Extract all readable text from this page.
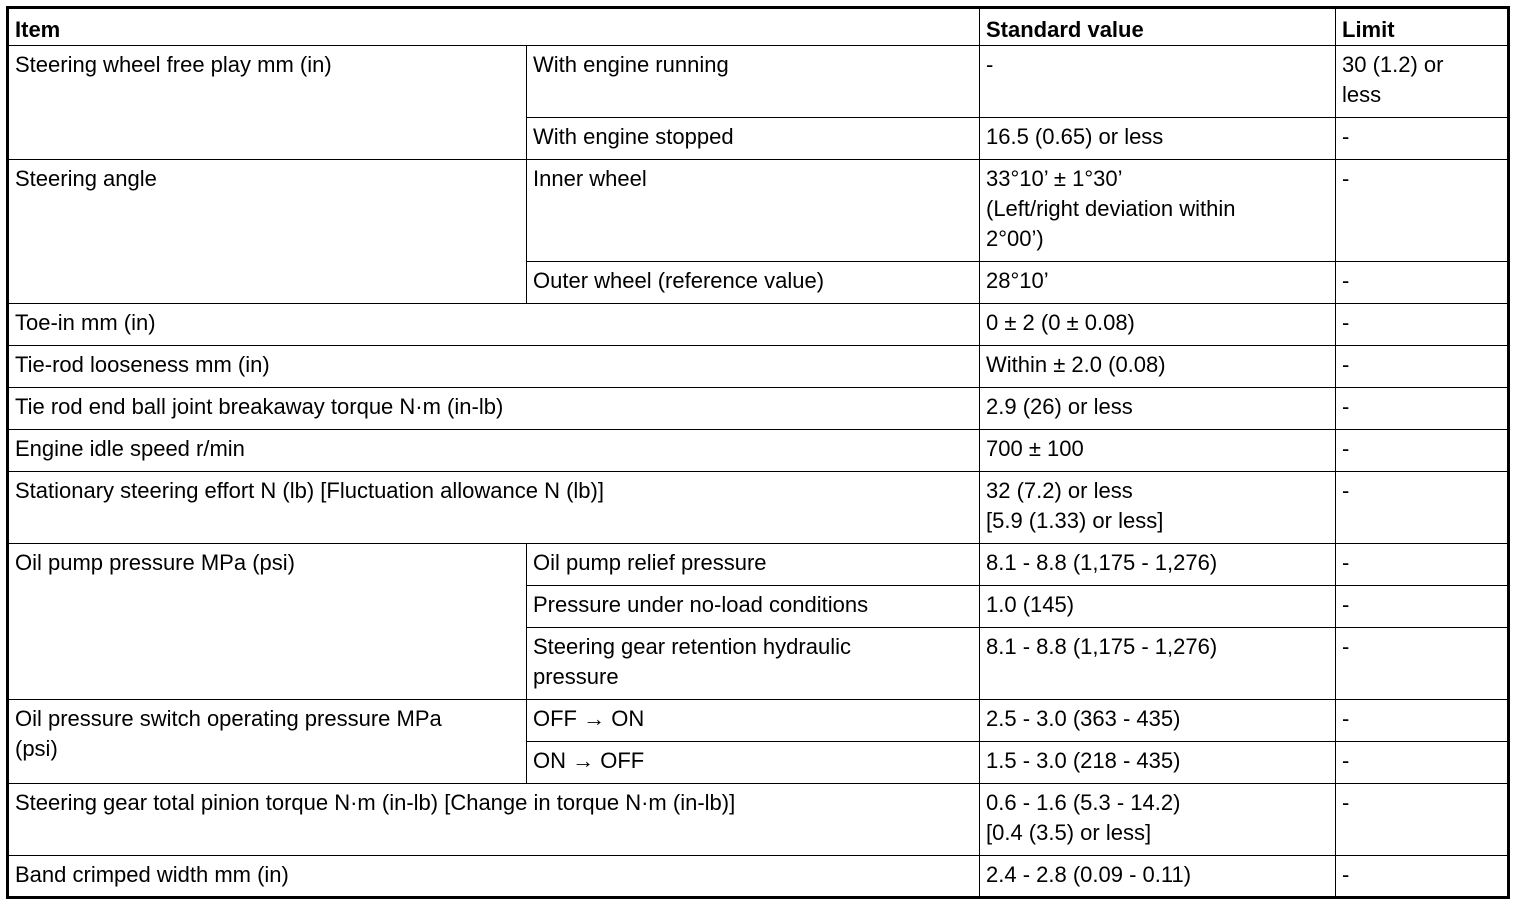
Item		Standard value	Limit
Steering wheel free play mm (in)	With engine running	-	30 (1.2) or
less
	With engine stopped	16.5 (0.65) or less	-
Steering angle	Inner wheel	33°10’ ± 1°30’
(Left/right deviation within
2°00’)	-
	Outer wheel (reference value)	28°10’	-
Toe-in mm (in)		0 ± 2 (0 ± 0.08)	-
Tie-rod looseness mm (in)		Within ± 2.0 (0.08)	-
Tie rod end ball joint breakaway torque N·m (in-lb)		2.9 (26) or less	-
Engine idle speed r/min		700 ± 100	-
Stationary steering effort N (lb) [Fluctuation allowance N (lb)]		32 (7.2) or less
[5.9 (1.33) or less]	-
Oil pump pressure MPa (psi)	Oil pump relief pressure	8.1 - 8.8 (1,175 - 1,276)	-
	Pressure under no-load conditions	1.0 (145)	-
	Steering gear retention hydraulic
pressure	8.1 - 8.8 (1,175 - 1,276)	-
Oil pressure switch operating pressure MPa
(psi)	OFF → ON	2.5 - 3.0 (363 - 435)	-
	ON → OFF	1.5 - 3.0 (218 - 435)	-
Steering gear total pinion torque N·m (in-lb) [Change in torque N·m (in-lb)]		0.6 - 1.6 (5.3 - 14.2)
[0.4 (3.5) or less]	-
Band crimped width mm (in)		2.4 - 2.8 (0.09 - 0.11)	-
